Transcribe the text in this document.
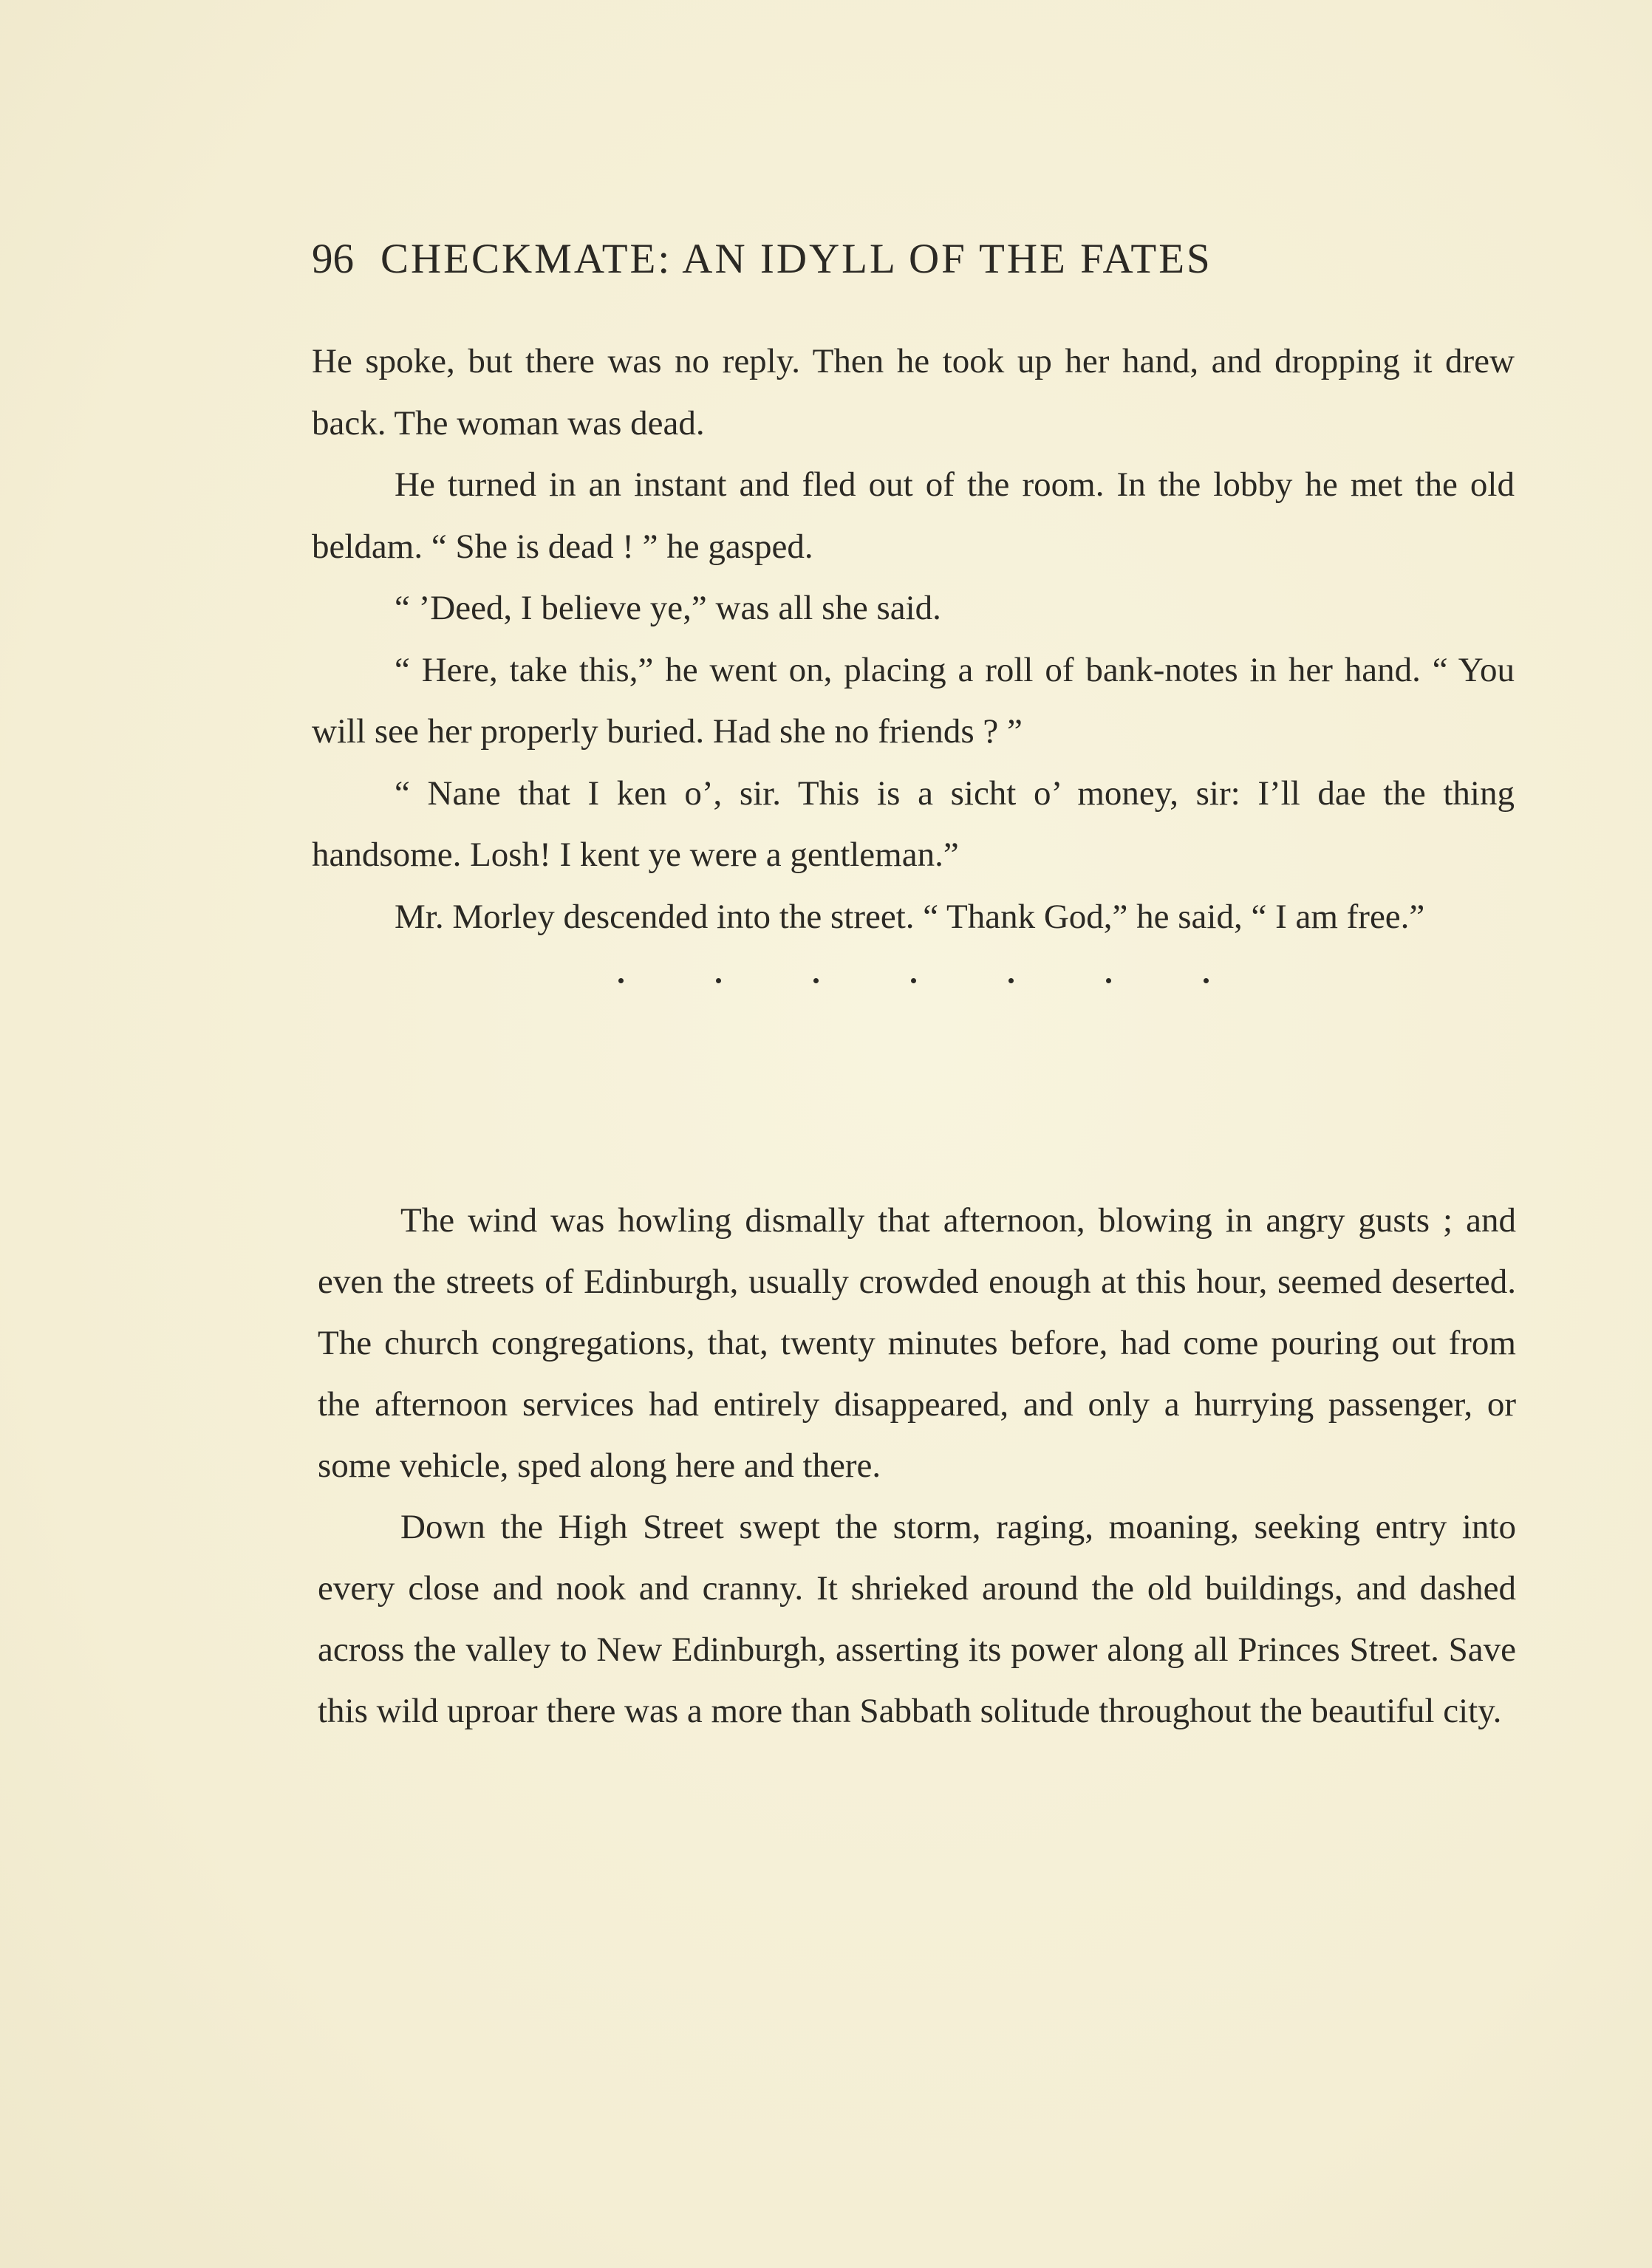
96 CHECKMATE: AN IDYLL OF THE FATES

He spoke, but there was no reply. Then he took up her hand, and dropping it drew back. The woman was dead.

He turned in an instant and fled out of the room. In the lobby he met the old beldam. “ She is dead ! ” he gasped.

“ ’Deed, I believe ye,” was all she said.

“ Here, take this,” he went on, placing a roll of bank-notes in her hand. “ You will see her properly buried. Had she no friends ? ”

“ Nane that I ken o’, sir. This is a sicht o’ money, sir: I’ll dae the thing handsome. Losh! I kent ye were a gentleman.”

Mr. Morley descended into the street. “ Thank God,” he said, “ I am free.”

The wind was howling dismally that afternoon, blowing in angry gusts ; and even the streets of Edinburgh, usually crowded enough at this hour, seemed deserted. The church congregations, that, twenty minutes before, had come pouring out from the afternoon services had entirely disappeared, and only a hurrying passenger, or some vehicle, sped along here and there.

Down the High Street swept the storm, raging, moaning, seeking entry into every close and nook and cranny. It shrieked around the old buildings, and dashed across the valley to New Edinburgh, asserting its power along all Princes Street. Save this wild uproar there was a more than Sabbath solitude throughout the beautiful city.
